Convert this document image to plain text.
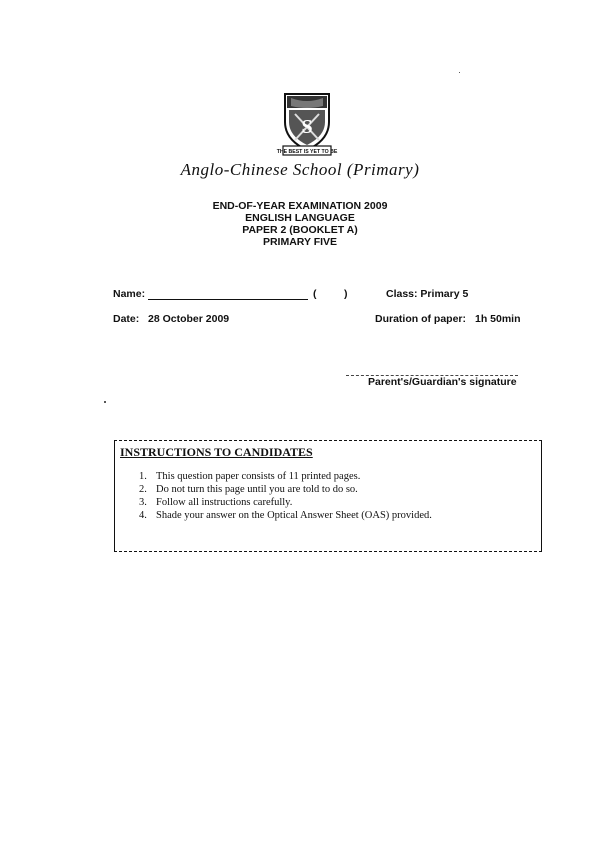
S
THE BEST IS YET TO BE
Anglo-Chinese School (Primary)
END-OF-YEAR EXAMINATION 2009
ENGLISH LANGUAGE
PAPER 2 (BOOKLET A)
PRIMARY FIVE
Name:	(	)	Class: Primary 5
Date: 28 October 2009	Duration of paper: 1h 50min
Parent's/Guardian's signature
INSTRUCTIONS TO CANDIDATES
1. This question paper consists of 11 printed pages.
2. Do not turn this page until you are told to do so.
3. Follow all instructions carefully.
4. Shade your answer on the Optical Answer Sheet (OAS) provided.
